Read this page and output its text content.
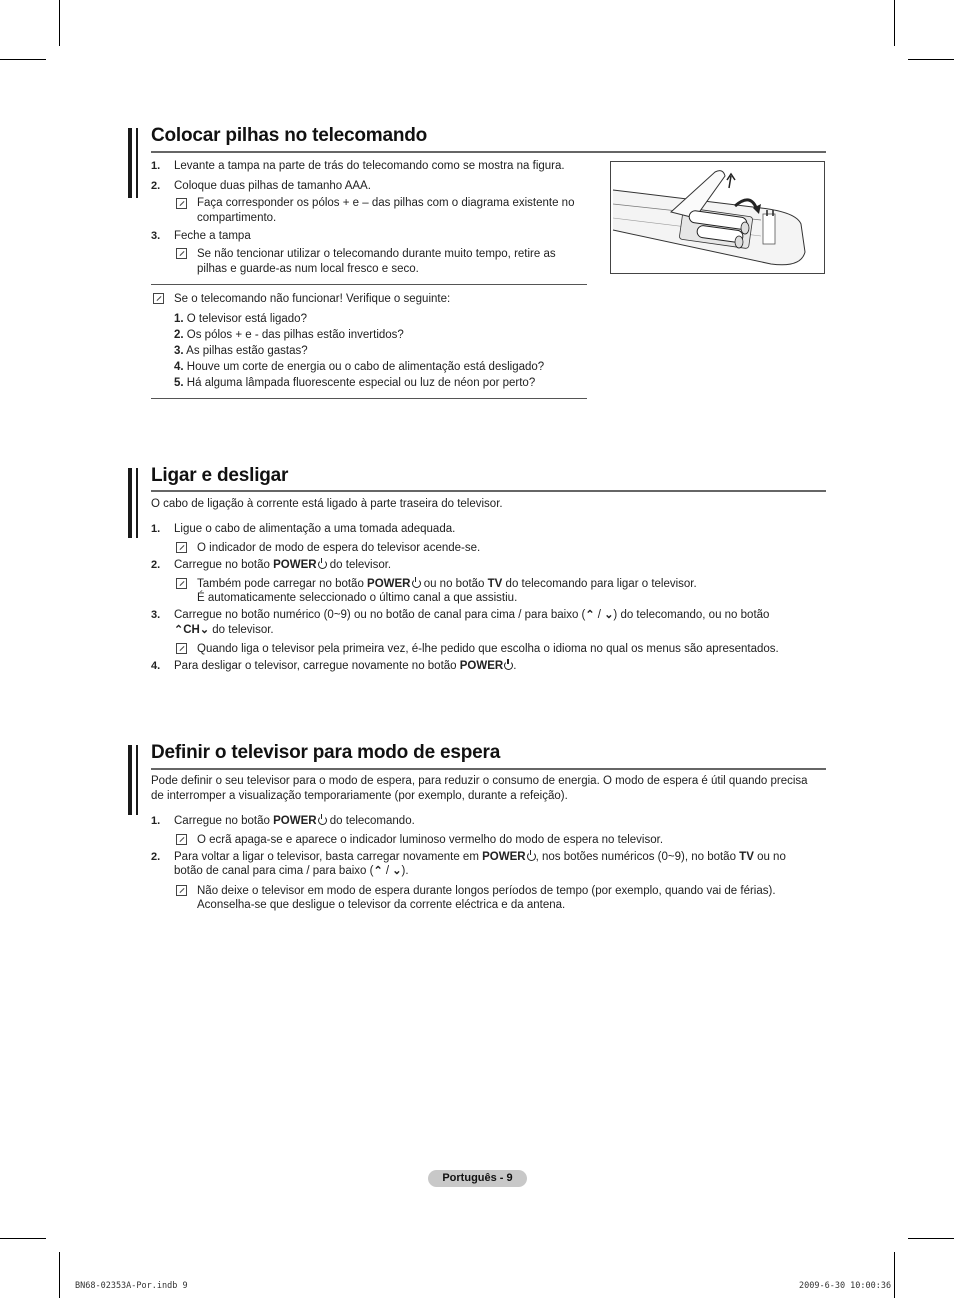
Colocar pilhas no telecomando
1. Levante a tampa na parte de trás do telecomando como se mostra na figura.
2. Coloque duas pilhas de tamanho AAA.
Faça corresponder os pólos + e – das pilhas com o diagrama existente no
compartimento.
3. Feche a tampa
Se não tencionar utilizar o telecomando durante muito tempo, retire as
pilhas e guarde-as num local fresco e seco.
Se o telecomando não funcionar! Verifique o seguinte:
1. O televisor está ligado?
2. Os pólos + e - das pilhas estão invertidos?
3. As pilhas estão gastas?
4. Houve um corte de energia ou o cabo de alimentação está desligado?
5. Há alguma lâmpada fluorescente especial ou luz de néon por perto?
Ligar e desligar
O cabo de ligação à corrente está ligado à parte traseira do televisor.
1. Ligue o cabo de alimentação a uma tomada adequada.
O indicador de modo de espera do televisor acende-se.
2. Carregue no botão POWER do televisor.
Também pode carregar no botão POWER ou no botão TV do telecomando para ligar o televisor.
É automaticamente seleccionado o último canal a que assistiu.
3. Carregue no botão numérico (0~9) ou no botão de canal para cima / para baixo (⌃ / ⌄) do telecomando, ou no botão
⌃CH⌄ do televisor.
Quando liga o televisor pela primeira vez, é-lhe pedido que escolha o idioma no qual os menus são apresentados.
4. Para desligar o televisor, carregue novamente no botão POWER .
Definir o televisor para modo de espera
Pode definir o seu televisor para o modo de espera, para reduzir o consumo de energia. O modo de espera é útil quando precisa
de interromper a visualização temporariamente (por exemplo, durante a refeição).
1. Carregue no botão POWER do telecomando.
O ecrã apaga-se e aparece o indicador luminoso vermelho do modo de espera no televisor.
2. Para voltar a ligar o televisor, basta carregar novamente em POWER , nos botões numéricos (0~9), no botão TV ou no
botão de canal para cima / para baixo (⌃ / ⌄).
Não deixe o televisor em modo de espera durante longos períodos de tempo (por exemplo, quando vai de férias).
Aconselha-se que desligue o televisor da corrente eléctrica e da antena.
Português - 9
BN68-02353A-Por.indb 9	2009-6-30 10:00:36
